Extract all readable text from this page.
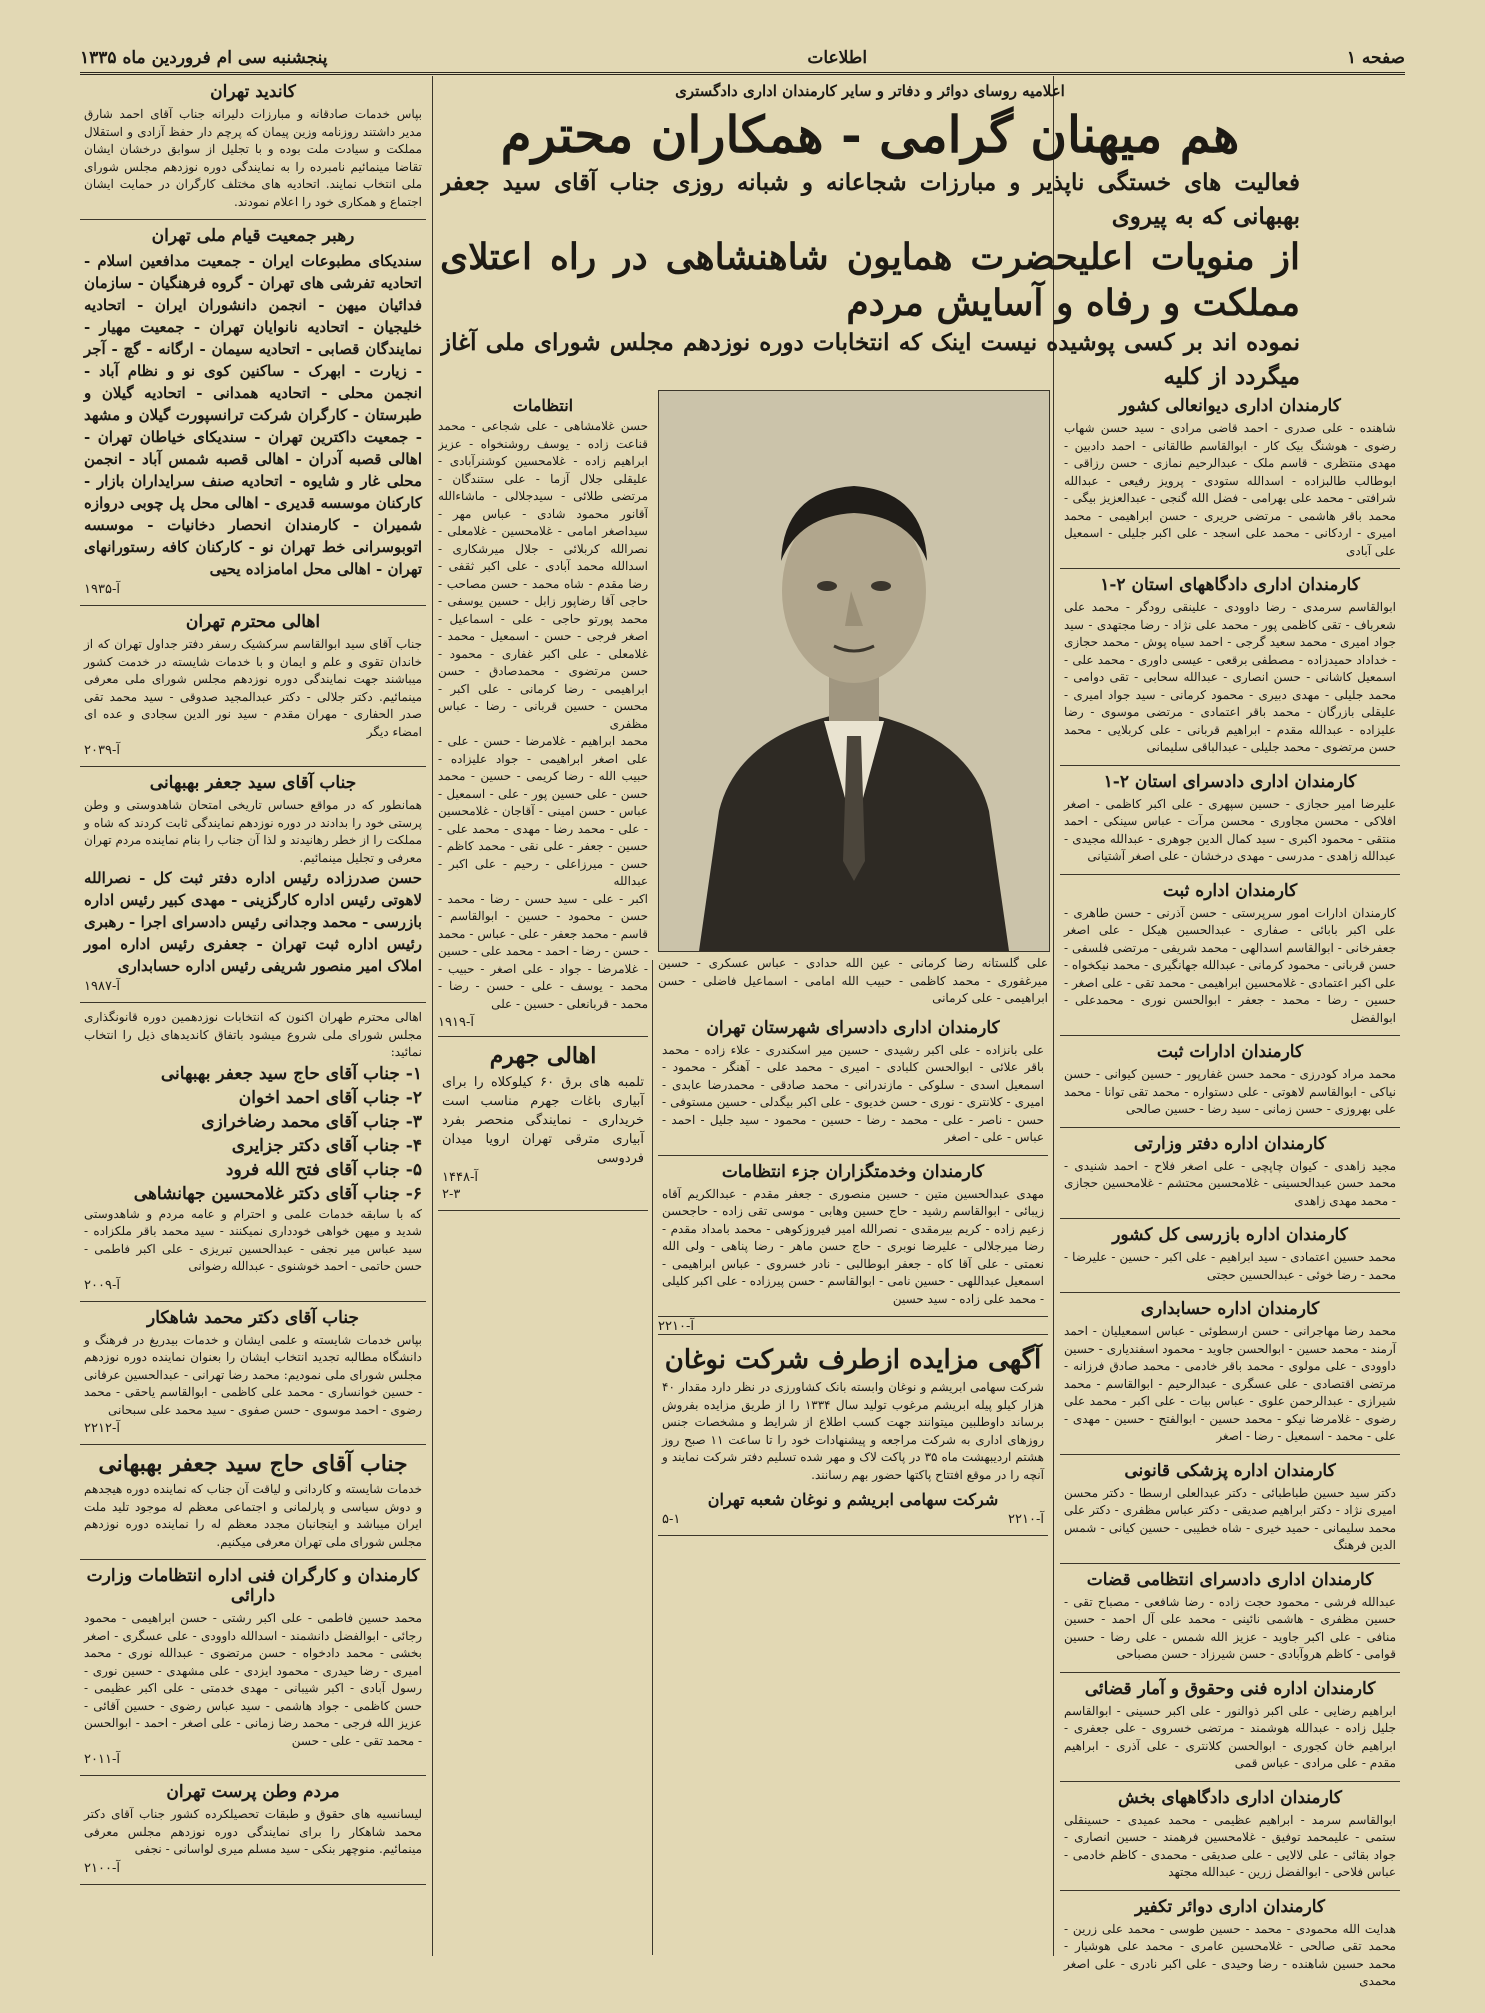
صفحه ۱
اطلاعات
پنجشنبه سی ام فروردین ماه ۱۳۳۵

اعلامیه روسای دوائر و دفاتر و سایر کارمندان اداری دادگستری

هم میهنان گرامی - همکاران محترم

فعالیت های خستگی ناپذیر و مبارزات شجاعانه و شبانه روزی جناب آقای سید جعفر بهبهانی که به پیروی

از منویات اعلیحضرت همایون شاهنشاهی در راه اعتلای مملکت و رفاه و آسایش مردم

نموده اند بر کسی پوشیده نیست اینک که انتخابات دوره نوزدهم مجلس شورای ملی آغاز میگردد از کلیه

کارمندان اداری دیوانعالی کشور

شاهنده - علی صدری - احمد قاضی مرادی - سید حسن شهاب رضوی - هوشنگ بیک کار - ابوالقاسم طالقانی - احمد دادبین - مهدی منتظری - قاسم ملک - عبدالرحیم نمازی - حسن رزاقی - ابوطالب طالبزاده - اسدالله ستودی - پرویز رفیعی - عبدالله شرافتی - محمد علی بهرامی - فضل الله گنجی - عبدالعزیز بیگی - محمد باقر هاشمی - مرتضی حریری - حسن ابراهیمی - محمد امیری - اردکانی - محمد علی اسجد - علی اکبر جلیلی - اسمعیل علی آبادی

کارمندان اداری دادگاههای استان ۲-۱

ابوالقاسم سرمدی - رضا داوودی - علینقی رودگر - محمد علی شعرباف - تقی کاظمی پور - محمد علی نژاد - رضا مجتهدی - سید جواد امیری - محمد سعید گرجی - احمد سیاه پوش - محمد حجازی - خداداد حمیدزاده - مصطفی برقعی - عیسی داوری - محمد علی - اسمعیل کاشانی - حسن انصاری - عبدالله سحابی - تقی دوامی - محمد جلیلی - مهدی دبیری - محمود کرمانی - سید جواد امیری - علیقلی بازرگان - محمد باقر اعتمادی - مرتضی موسوی - رضا علیزاده - عبدالله مقدم - ابراهیم قربانی - علی کربلایی - محمد حسن مرتضوی - محمد جلیلی - عبدالباقی سلیمانی

کارمندان اداری دادسرای استان ۲-۱

علیرضا امیر حجازی - حسین سپهری - علی اکبر کاظمی - اصغر افلاکی - محسن مجاوری - محسن مرآت - عباس سینکی - احمد منتقی - محمود اکبری - سید کمال الدین جوهری - عبدالله مجیدی - عبدالله زاهدی - مدرسی - مهدی درخشان - علی اصغر آشتیانی

کارمندان اداره ثبت

کارمندان ادارات امور سرپرستی - حسن آذرنی - حسن طاهری - علی اکبر بابائی - صفاری - عبدالحسین هیکل - علی اصغر جعفرخانی - ابوالقاسم اسدالهی - محمد شریفی - مرتضی فلسفی - حسن قربانی - محمود کرمانی - عبدالله جهانگیری - محمد نیکخواه - علی اکبر اعتمادی - غلامحسین ابراهیمی - محمد تقی - علی اصغر - حسین - رضا - محمد - جعفر - ابوالحسن نوری - محمدعلی - ابوالفضل

کارمندان ادارات ثبت

محمد مراد کودرزی - محمد حسن غفارپور - حسین کیوانی - حسن نیاکی - ابوالقاسم لاهوتی - علی دستواره - محمد تقی توانا - محمد علی بهروزی - حسن زمانی - سید رضا - حسین صالحی

کارمندان اداره دفتر وزارتی

مجید زاهدی - کیوان چاپچی - علی اصغر فلاح - احمد شنیدی - محمد حسن عبدالحسینی - غلامحسین محتشم - غلامحسین حجازی - محمد مهدی زاهدی

کارمندان اداره بازرسی کل کشور

محمد حسین اعتمادی - سید ابراهیم - علی اکبر - حسین - علیرضا - محمد - رضا خوئی - عبدالحسین حجتی

کارمندان اداره حسابداری

محمد رضا مهاجرانی - حسن ارسطوئی - عباس اسمعیلیان - احمد آرمند - محمد حسین - ابوالحسن جاوید - محمود اسفندیاری - حسین داوودی - علی مولوی - محمد باقر خادمی - محمد صادق فرزانه - مرتضی اقتصادی - علی عسگری - عبدالرحیم - ابوالقاسم - محمد شیرازی - عبدالرحمن علوی - عباس بیات - علی اکبر - محمد علی رضوی - غلامرضا نیکو - محمد حسین - ابوالفتح - حسین - مهدی - علی - محمد - اسمعیل - رضا - اصغر

کارمندان اداره پزشکی قانونی

دکتر سید حسین طباطبائی - دکتر عبدالعلی ارسطا - دکتر محسن امیری نژاد - دکتر ابراهیم صدیقی - دکتر عباس مظفری - دکتر علی محمد سلیمانی - حمید خیری - شاه خطیبی - حسین کیانی - شمس الدین فرهنگ

کارمندان اداری دادسرای انتظامی قضات

عبدالله فرشی - محمود حجت زاده - رضا شافعی - مصباح تقی - حسین مظفری - هاشمی نائینی - محمد علی آل احمد - حسین منافی - علی اکبر جاوید - عزیز الله شمس - علی رضا - حسین قوامی - کاظم هروآبادی - حسن شیرزاد - حسن مصباحی

کارمندان اداره فنی وحقوق و آمار قضائی

ابراهیم رضایی - علی اکبر ذوالنور - علی اکبر حسینی - ابوالقاسم جلیل زاده - عبدالله هوشمند - مرتضی خسروی - علی جعفری - ابراهیم خان کجوری - ابوالحسن کلانتری - علی آذری - ابراهیم مقدم - علی مرادی - عباس قمی

کارمندان اداری دادگاههای بخش

ابوالقاسم سرمد - ابراهیم عظیمی - محمد عمیدی - حسینقلی ستمی - علیمحمد توفیق - غلامحسین فرهمند - حسین انصاری - جواد بقائی - علی لالایی - علی صدیقی - محمدی - کاظم خادمی - عباس فلاحی - ابوالفضل زرین - عبدالله مجتهد

کارمندان اداری دوائر تکفیر

هدایت الله محمودی - محمد - حسین طوسی - محمد علی زرین - محمد تقی صالحی - غلامحسین عامری - محمد علی هوشیار - محمد حسین شاهنده - رضا وحیدی - علی اکبر نادری - علی اصغر محمدی

انتظامات

حسن غلامشاهی - علی شجاعی - محمد قناعت زاده - یوسف روشنخواه - عزیز ابراهیم زاده - غلامحسین کوشنرآبادی - علیقلی جلال آزما - علی ستندگان - مرتضی طلائی - سیدجلالی - ماشاءالله آقانور محمود شادی - عباس مهر - سیداصغر امامی - غلامحسین - غلامعلی - نصرالله کربلائی - جلال میرشکاری - اسدالله محمد آبادی - علی اکبر ثقفی - رضا مقدم - شاه محمد - حسن مصاحب - حاجی آقا رضاپور زابل - حسین یوسفی - محمد پورتو حاجی - علی - اسماعیل - اصغر فرجی - حسن - اسمعیل - محمد - غلامعلی - علی اکبر غفاری - محمود - حسن مرتضوی - محمدصادق - حسن ابراهیمی - رضا کرمانی - علی اکبر - محسن - حسین قربانی - رضا - عباس مظفری

محمد ابراهیم - غلامرضا - حسن - علی - علی اصغر ابراهیمی - جواد علیزاده - حبیب الله - رضا کریمی - حسین - محمد حسن - علی حسین پور - علی - اسمعیل - عباس - حسن امینی - آقاجان - غلامحسین - علی - محمد رضا - مهدی - محمد علی - حسین - جعفر - علی نقی - محمد کاظم - حسن - میرزاعلی - رحیم - علی اکبر - عبدالله

اکبر - علی - سید حسن - رضا - محمد - حسن - محمود - حسین - ابوالقاسم - قاسم - محمد جعفر - علی - عباس - محمد - حسن - رضا - احمد - محمد علی - حسین - غلامرضا - جواد - علی اصغر - حبیب - محمد - یوسف - علی - حسن - رضا - محمد - قربانعلی - حسین - علی

آ-۱۹۱۹

اهالی جهرم

تلمبه های برق ۶۰ کیلوکلاه را برای آبیاری باغات جهرم مناسب است خریداری - نمایندگی منحصر بفرد آبیاری مترقی تهران ارویا میدان فردوسی

آ-۱۴۴۸

۲-۳

علی گلستانه رضا کرمانی - عین الله حدادی - عباس عسکری - حسین میرغفوری - محمد کاظمی - حبیب الله امامی - اسماعیل فاضلی - حسن ابراهیمی - علی کرمانی

کارمندان اداری دادسرای شهرستان تهران

علی بانزاده - علی اکبر رشیدی - حسین میر اسکندری - علاء زاده - محمد باقر علائی - ابوالحسن کلبادی - امیری - محمد علی - آهنگر - محمود - اسمعیل اسدی - سلوکی - مازندرانی - محمد صادقی - محمدرضا عابدی - امیری - کلانتری - نوری - حسن خدیوی - علی اکبر بیگدلی - حسین مستوفی - حسن - ناصر - علی - محمد - رضا - حسین - محمود - سید جلیل - احمد - عباس - علی - اصغر

کارمندان وخدمتگزاران جزء انتظامات

مهدی عبدالحسین متین - حسین منصوری - جعفر مقدم - عبدالکریم آقاه زیبائی - ابوالقاسم رشید - حاج حسین وهابی - موسی تقی زاده - حاجحسن زعیم زاده - کریم بیرمقدی - نصرالله امیر فیروزکوهی - محمد بامداد مقدم - رضا میرجلالی - علیرضا نوبری - حاج حسن ماهر - رضا پناهی - ولی الله نعمتی - علی آقا کاه - جعفر ابوطالبی - نادر خسروی - عباس ابراهیمی - اسمعیل عبداللهی - حسین نامی - ابوالقاسم - حسن پیرزاده - علی اکبر کلیلی - محمد علی زاده - سید حسین

آ-۲۲۱۰

آگهی مزایده ازطرف شرکت نوغان

شرکت سهامی ابریشم و نوغان وابسته بانک کشاورزی در نظر دارد مقدار ۴۰ هزار کیلو پیله ابریشم مرغوب تولید سال ۱۳۳۴ را از طریق مزایده بفروش برساند داوطلبین میتوانند جهت کسب اطلاع از شرایط و مشخصات جنس روزهای اداری به شرکت مراجعه و پیشنهادات خود را تا ساعت ۱۱ صبح روز هشتم اردیبهشت ماه ۳۵ در پاکت لاک و مهر شده تسلیم دفتر شرکت نمایند و آنچه را در موقع افتتاح پاکتها حضور بهم رسانند.

شرکت سهامی ابریشم و نوغان شعبه تهران
آ-۲۲۱۰
۵-۱
کاندید تهران

بپاس خدمات صادقانه و مبارزات دلیرانه جناب آقای احمد شارق مدیر داشتند روزنامه وزین پیمان که پرچم دار حفظ آزادی و استقلال مملکت و سیادت ملت بوده و با تجلیل از سوابق درخشان ایشان تقاضا مینمائیم نامبرده را به نمایندگی دوره نوزدهم مجلس شورای ملی انتخاب نمایند. اتحادیه های مختلف کارگران در حمایت ایشان اجتماع و همکاری خود را اعلام نمودند.

رهبر جمعیت قیام ملی تهران

سندیکای مطبوعات ایران - جمعیت مدافعین اسلام - اتحادیه تفرشی های تهران - گروه فرهنگیان - سازمان فدائیان میهن - انجمن دانشوران ایران - اتحادیه خلیجیان - اتحادیه نانوایان تهران - جمعیت مهیار - نمایندگان قصابی - اتحادیه سیمان - ارگانه - گچ - آجر - زیارت - ابهرک - ساکنین کوی نو و نظام آباد - انجمن محلی - اتحادیه همدانی - اتحادیه گیلان و طبرستان - کارگران شرکت ترانسپورت گیلان و مشهد - جمعیت داکترین تهران - سندیکای خیاطان تهران - اهالی قصبه آدران - اهالی قصبه شمس آباد - انجمن محلی غار و شایوه - اتحادیه صنف سرایداران بازار - کارکنان موسسه قدیری - اهالی محل پل چوبی دروازه شمیران - کارمندان انحصار دخانیات - موسسه اتوبوسرانی خط تهران نو - کارکنان کافه رستورانهای تهران - اهالی محل امامزاده یحیی

آ-۱۹۳۵

اهالی محترم تهران

جناب آقای سید ابوالقاسم سرکشیک رسفر دفتر جداول تهران که از خاندان تقوی و علم و ایمان و با خدمات شایسته در خدمت کشور میباشند جهت نمایندگی دوره نوزدهم مجلس شورای ملی معرفی مینمائیم. دکتر جلالی - دکتر عبدالمجید صدوقی - سید محمد تقی صدر الحفاری - مهران مقدم - سید نور الدین سجادی و عده ای امضاء دیگر

آ-۲۰۳۹

جناب آقای سید جعفر بهبهانی

همانطور که در مواقع حساس تاریخی امتحان شاهدوستی و وطن پرستی خود را بدادند در دوره نوزدهم نمایندگی ثابت کردند که شاه و مملکت را از خطر رهانیدند و لذا آن جناب را بنام نماینده مردم تهران معرفی و تجلیل مینمائیم.

حسن صدرزاده رئیس اداره دفتر ثبت کل - نصرالله لاهوتی رئیس اداره کارگزینی - مهدی کبیر رئیس اداره بازرسی - محمد وجدانی رئیس دادسرای اجرا - رهبری رئیس اداره ثبت تهران - جعفری رئیس اداره امور املاک امیر منصور شریفی رئیس اداره حسابداری

آ-۱۹۸۷

اهالی محترم طهران اکنون که انتخابات نوزدهمین دوره قانونگذاری مجلس شورای ملی شروع میشود باتفاق کاندیدهای ذیل را انتخاب نمائید:

۱- جناب آقای حاج سید جعفر بهبهانی

۲- جناب آقای احمد اخوان

۳- جناب آقای محمد رضاخرازی

۴- جناب آقای دکتر جزایری

۵- جناب آقای فتح الله فرود

۶- جناب آقای دکتر غلامحسین جهانشاهی

که با سابقه خدمات علمی و احترام و عامه مردم و شاهدوستی شدید و میهن خواهی خودداری نمیکنند - سید محمد باقر ملکزاده - سید عباس میر نجفی - عبدالحسین تبریزی - علی اکبر فاطمی - حسن حاتمی - احمد خوشنوی - عبدالله رضوانی

آ-۲۰۰۹

جناب آقای دکتر محمد شاهکار

بپاس خدمات شایسته و علمی ایشان و خدمات بیدریغ در فرهنگ و دانشگاه مطالبه تجدید انتخاب ایشان را بعنوان نماینده دوره نوزدهم مجلس شورای ملی نمودیم: محمد رضا تهرانی - عبدالحسین عرفانی - حسین خوانساری - محمد علی کاظمی - ابوالقاسم یاحقی - محمد رضوی - احمد موسوی - حسن صفوی - سید محمد علی سبحانی

آ-۲۲۱۲

جناب آقای حاج سید جعفر بهبهانی

خدمات شایسته و کاردانی و لیاقت آن جناب که نماینده دوره هیجدهم و دوش سیاسی و پارلمانی و اجتماعی معظم له موجود تلید ملت ایران میباشد و اینجانبان مجدد معظم له را نماینده دوره نوزدهم مجلس شورای ملی تهران معرفی میکنیم.

کارمندان و کارگران فنی اداره انتظامات وزارت دارائی

محمد حسین فاطمی - علی اکبر رشتی - حسن ابراهیمی - محمود رجائی - ابوالفضل دانشمند - اسدالله داوودی - علی عسگری - اصغر بخشی - محمد دادخواه - حسن مرتضوی - عبدالله نوری - محمد امیری - رضا حیدری - محمود ایزدی - علی مشهدی - حسین نوری - رسول آبادی - اکبر شیبانی - مهدی خدمتی - علی اکبر عظیمی - حسن کاظمی - جواد هاشمی - سید عباس رضوی - حسین آقائی - عزیز الله فرجی - محمد رضا زمانی - علی اصغر - احمد - ابوالحسن - محمد تقی - علی - حسن

آ-۲۰۱۱

مردم وطن پرست تهران

لیسانسیه های حقوق و طبقات تحصیلکرده کشور جناب آقای دکتر محمد شاهکار را برای نمایندگی دوره نوزدهم مجلس معرفی مینمائیم. منوچهر بنکی - سید مسلم میری لواسانی - نجفی

آ-۲۱۰۰
